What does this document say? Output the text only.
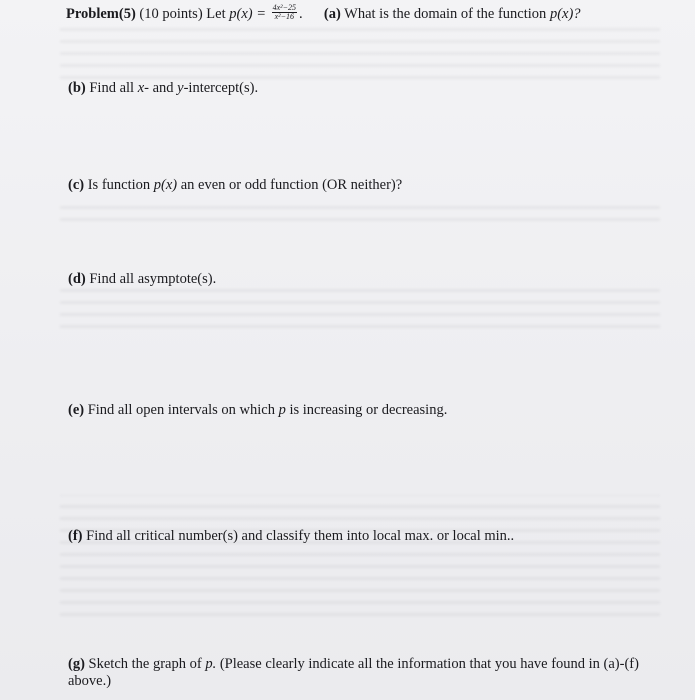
Problem(5) (10 points) Let $p(x) = \frac{\text{4x²−25}}{\text{x²−16}}$ . (a) What is the domain of the function p(x)?
(b) Find all x- and y-intercept(s).
(c) Is function p(x) an even or odd function (OR neither)?
(d) Find all asymptote(s).
(e) Find all open intervals on which p is increasing or decreasing.
(f) Find all critical number(s) and classify them into local max. or local min..
(g) Sketch the graph of p. (Please clearly indicate all the information that you have found in (a)-(f) above.)
